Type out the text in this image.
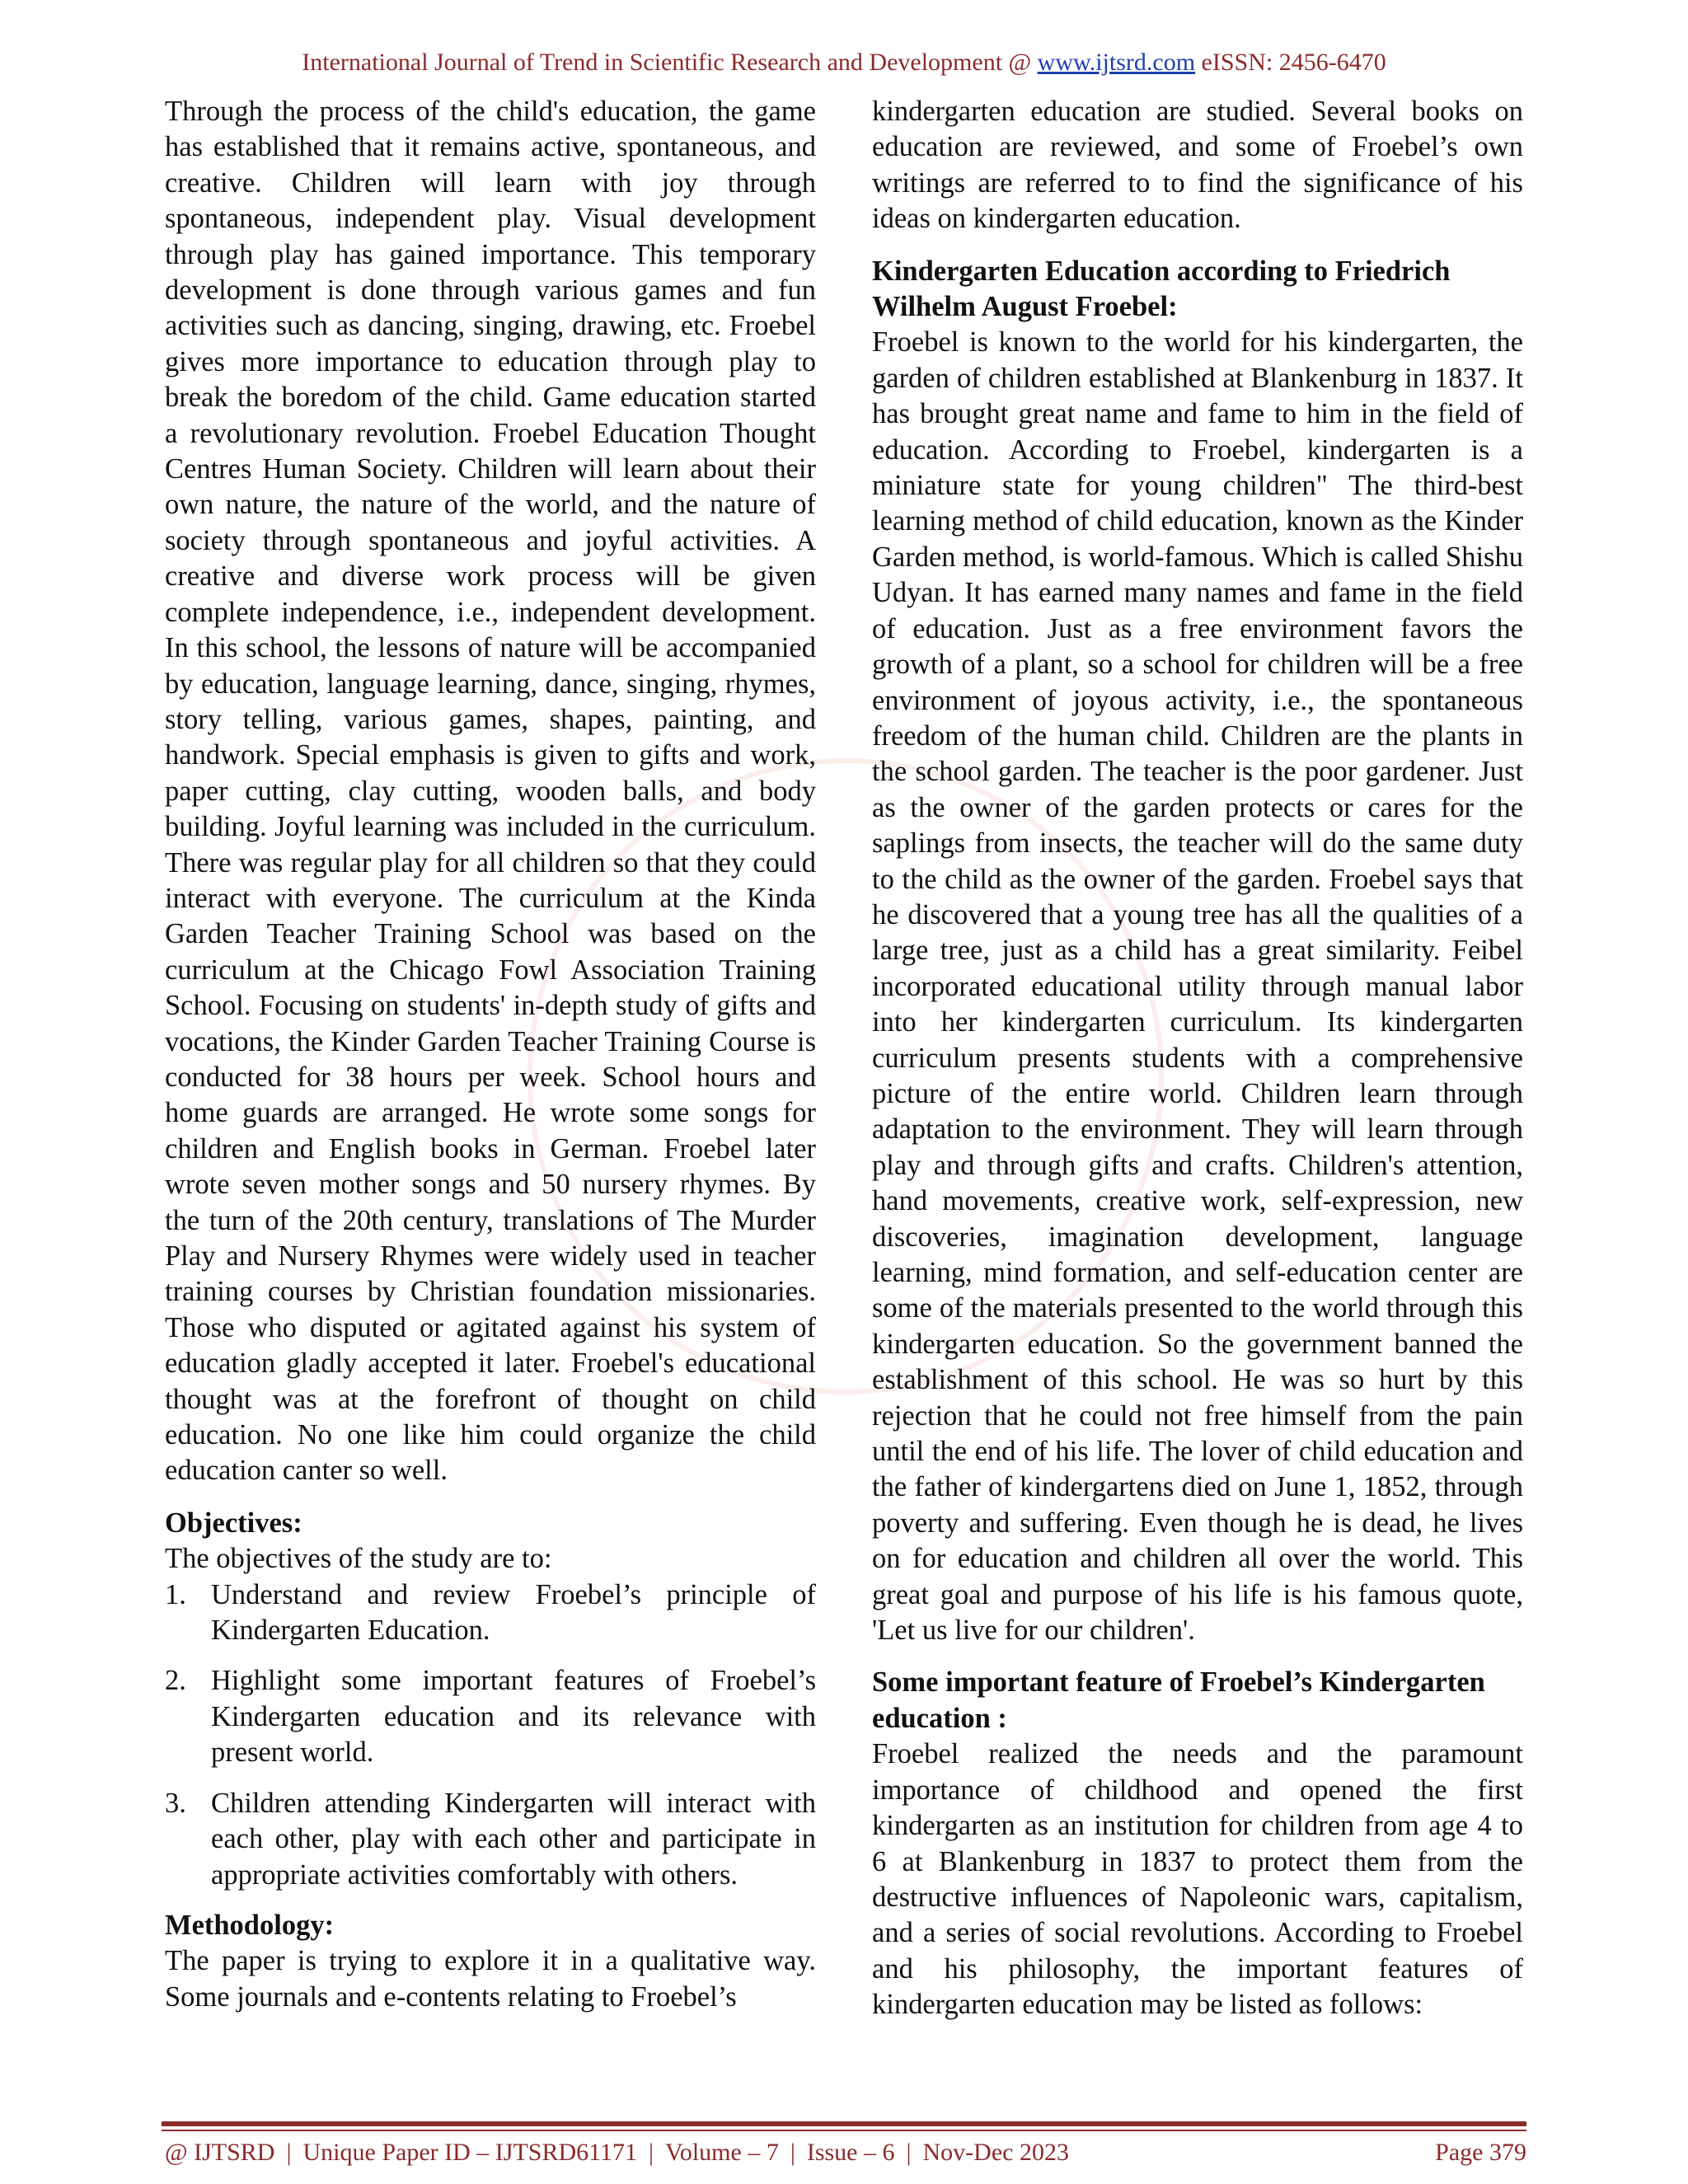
International Journal of Trend in Scientific Research and Development @ www.ijtsrd.com eISSN: 2456-6470

Through the process of the child's education, the game has established that it remains active, spontaneous, and creative. Children will learn with joy through spontaneous, independent play. Visual development through play has gained importance. This temporary development is done through various games and fun activities such as dancing, singing, drawing, etc. Froebel gives more importance to education through play to break the boredom of the child. Game education started a revolutionary revolution. Froebel Education Thought Centres Human Society. Children will learn about their own nature, the nature of the world, and the nature of society through spontaneous and joyful activities. A creative and diverse work process will be given complete independence, i.e., independent development. In this school, the lessons of nature will be accompanied by education, language learning, dance, singing, rhymes, story telling, various games, shapes, painting, and handwork. Special emphasis is given to gifts and work, paper cutting, clay cutting, wooden balls, and body building. Joyful learning was included in the curriculum. There was regular play for all children so that they could interact with everyone. The curriculum at the Kinda Garden Teacher Training School was based on the curriculum at the Chicago Fowl Association Training School. Focusing on students' in-depth study of gifts and vocations, the Kinder Garden Teacher Training Course is conducted for 38 hours per week. School hours and home guards are arranged. He wrote some songs for children and English books in German. Froebel later wrote seven mother songs and 50 nursery rhymes. By the turn of the 20th century, translations of The Murder Play and Nursery Rhymes were widely used in teacher training courses by Christian foundation missionaries. Those who disputed or agitated against his system of education gladly accepted it later. Froebel's educational thought was at the forefront of thought on child education. No one like him could organize the child education canter so well.

Objectives:

The objectives of the study are to:

1. Understand and review Froebel’s principle of Kindergarten Education.
2. Highlight some important features of Froebel’s Kindergarten education and its relevance with present world.
3. Children attending Kindergarten will interact with each other, play with each other and participate in appropriate activities comfortably with others.
Methodology:

The paper is trying to explore it in a qualitative way. Some journals and e-contents relating to Froebel’s

kindergarten education are studied. Several books on education are reviewed, and some of Froebel’s own writings are referred to to find the significance of his ideas on kindergarten education.

Kindergarten Education according to Friedrich Wilhelm August Froebel:

Froebel is known to the world for his kindergarten, the garden of children established at Blankenburg in 1837. It has brought great name and fame to him in the field of education. According to Froebel, kindergarten is a miniature state for young children" The third-best learning method of child education, known as the Kinder Garden method, is world-famous. Which is called Shishu Udyan. It has earned many names and fame in the field of education. Just as a free environment favors the growth of a plant, so a school for children will be a free environment of joyous activity, i.e., the spontaneous freedom of the human child. Children are the plants in the school garden. The teacher is the poor gardener. Just as the owner of the garden protects or cares for the saplings from insects, the teacher will do the same duty to the child as the owner of the garden. Froebel says that he discovered that a young tree has all the qualities of a large tree, just as a child has a great similarity. Feibel incorporated educational utility through manual labor into her kindergarten curriculum. Its kindergarten curriculum presents students with a comprehensive picture of the entire world. Children learn through adaptation to the environment. They will learn through play and through gifts and crafts. Children's attention, hand movements, creative work, self-expression, new discoveries, imagination development, language learning, mind formation, and self-education center are some of the materials presented to the world through this kindergarten education. So the government banned the establishment of this school. He was so hurt by this rejection that he could not free himself from the pain until the end of his life. The lover of child education and the father of kindergartens died on June 1, 1852, through poverty and suffering. Even though he is dead, he lives on for education and children all over the world. This great goal and purpose of his life is his famous quote, 'Let us live for our children'.

Some important feature of Froebel’s Kindergarten education :

Froebel realized the needs and the paramount importance of childhood and opened the first kindergarten as an institution for children from age 4 to 6 at Blankenburg in 1837 to protect them from the destructive influences of Napoleonic wars, capitalism, and a series of social revolutions. According to Froebel and his philosophy, the important features of kindergarten education may be listed as follows:

@ IJTSRD | Unique Paper ID – IJTSRD61171 | Volume – 7 | Issue – 6 | Nov-Dec 2023	Page 379
